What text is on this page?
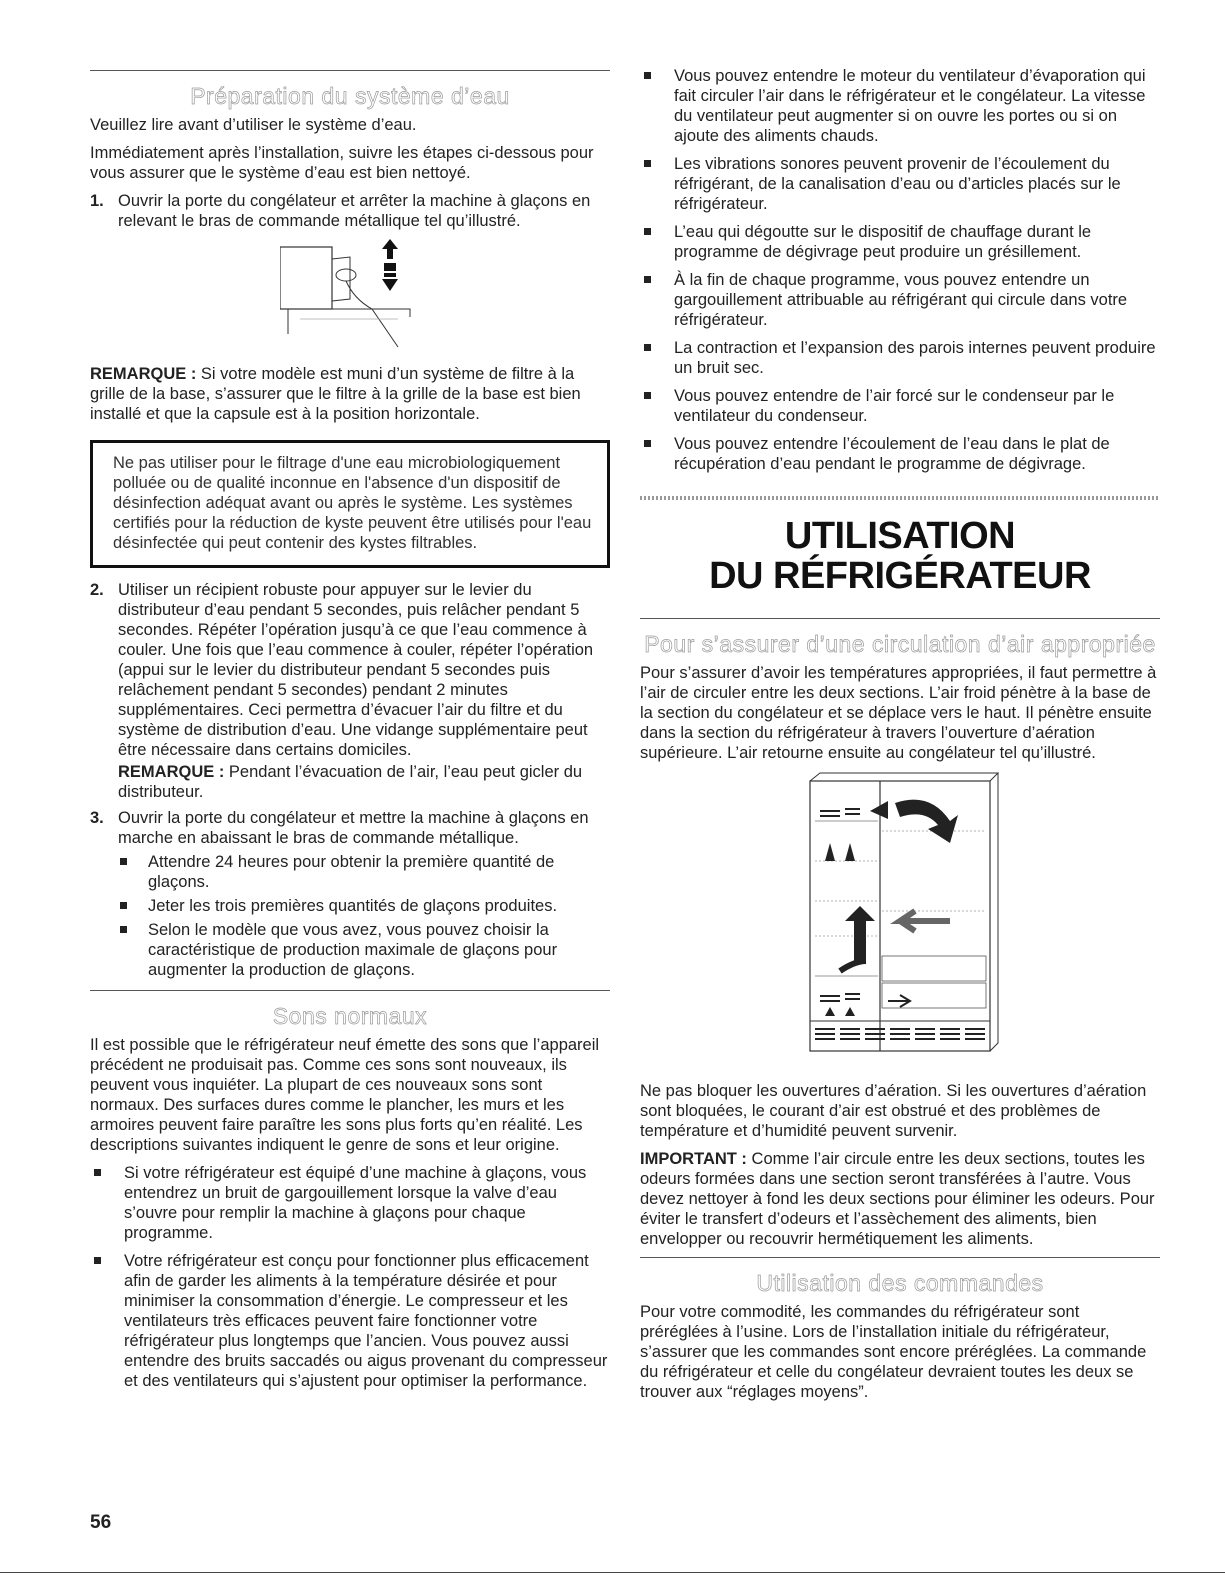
Préparation du système d’eau

Veuillez lire avant d’utiliser le système d’eau.

Immédiatement après l’installation, suivre les étapes ci-dessous pour vous assurer que le système d’eau est bien nettoyé.

1. Ouvrir la porte du congélateur et arrêter la machine à glaçons en relevant le bras de commande métallique tel qu’illustré.

REMARQUE : Si votre modèle est muni d’un système de filtre à la grille de la base, s’assurer que le filtre à la grille de la base est bien installé et que la capsule est à la position horizontale.

Ne pas utiliser pour le filtrage d'une eau microbiologiquement polluée ou de qualité inconnue en l'absence d'un dispositif de désinfection adéquat avant ou après le système. Les systèmes certifiés pour la réduction de kyste peuvent être utilisés pour l'eau désinfectée qui peut contenir des kystes filtrables.
2. Utiliser un récipient robuste pour appuyer sur le levier du distributeur d’eau pendant 5 secondes, puis relâcher pendant 5 secondes. Répéter l’opération jusqu’à ce que l’eau commence à couler. Une fois que l’eau commence à couler, répéter l’opération (appui sur le levier du distributeur pendant 5 secondes puis relâchement pendant 5 secondes) pendant 2 minutes supplémentaires. Ceci permettra d’évacuer l’air du filtre et du système de distribution d’eau. Une vidange supplémentaire peut être nécessaire dans certains domiciles.
REMARQUE : Pendant l’évacuation de l’air, l’eau peut gicler du distributeur.
3. Ouvrir la porte du congélateur et mettre la machine à glaçons en marche en abaissant le bras de commande métallique.
Attendre 24 heures pour obtenir la première quantité de glaçons.
Jeter les trois premières quantités de glaçons produites.
Selon le modèle que vous avez, vous pouvez choisir la caractéristique de production maximale de glaçons pour augmenter la production de glaçons.
Sons normaux

Il est possible que le réfrigérateur neuf émette des sons que l’appareil précédent ne produisait pas. Comme ces sons sont nouveaux, ils peuvent vous inquiéter. La plupart de ces nouveaux sons sont normaux. Des surfaces dures comme le plancher, les murs et les armoires peuvent faire paraître les sons plus forts qu’en réalité. Les descriptions suivantes indiquent le genre de sons et leur origine.

Si votre réfrigérateur est équipé d’une machine à glaçons, vous entendrez un bruit de gargouillement lorsque la valve d’eau s’ouvre pour remplir la machine à glaçons pour chaque programme.
Votre réfrigérateur est conçu pour fonctionner plus efficacement afin de garder les aliments à la température désirée et pour minimiser la consommation d’énergie. Le compresseur et les ventilateurs très efficaces peuvent faire fonctionner votre réfrigérateur plus longtemps que l’ancien. Vous pouvez aussi entendre des bruits saccadés ou aigus provenant du compresseur et des ventilateurs qui s’ajustent pour optimiser la performance.
Vous pouvez entendre le moteur du ventilateur d’évaporation qui fait circuler l’air dans le réfrigérateur et le congélateur. La vitesse du ventilateur peut augmenter si on ouvre les portes ou si on ajoute des aliments chauds.
Les vibrations sonores peuvent provenir de l’écoulement du réfrigérant, de la canalisation d’eau ou d’articles placés sur le réfrigérateur.
L’eau qui dégoutte sur le dispositif de chauffage durant le programme de dégivrage peut produire un grésillement.
À la fin de chaque programme, vous pouvez entendre un gargouillement attribuable au réfrigérant qui circule dans votre réfrigérateur.
La contraction et l’expansion des parois internes peuvent produire un bruit sec.
Vous pouvez entendre de l’air forcé sur le condenseur par le ventilateur du condenseur.
Vous pouvez entendre l’écoulement de l’eau dans le plat de récupération d’eau pendant le programme de dégivrage.
UTILISATION
DU RÉFRIGÉRATEUR
Pour s’assurer d’une circulation d’air appropriée

Pour s’assurer d’avoir les températures appropriées, il faut permettre à l’air de circuler entre les deux sections. L’air froid pénètre à la base de la section du congélateur et se déplace vers le haut. Il pénètre ensuite dans la section du réfrigérateur à travers l’ouverture d’aération supérieure. L’air retourne ensuite au congélateur tel qu’illustré.

Ne pas bloquer les ouvertures d’aération. Si les ouvertures d’aération sont bloquées, le courant d’air est obstrué et des problèmes de température et d’humidité peuvent survenir.

IMPORTANT : Comme l’air circule entre les deux sections, toutes les odeurs formées dans une section seront transférées à l’autre. Vous devez nettoyer à fond les deux sections pour éliminer les odeurs. Pour éviter le transfert d’odeurs et l’assèchement des aliments, bien envelopper ou recouvrir hermétiquement les aliments.

Utilisation des commandes

Pour votre commodité, les commandes du réfrigérateur sont préréglées à l’usine. Lors de l’installation initiale du réfrigérateur, s’assurer que les commandes sont encore préréglées. La commande du réfrigérateur et celle du congélateur devraient toutes les deux se trouver aux “réglages moyens”.

56
